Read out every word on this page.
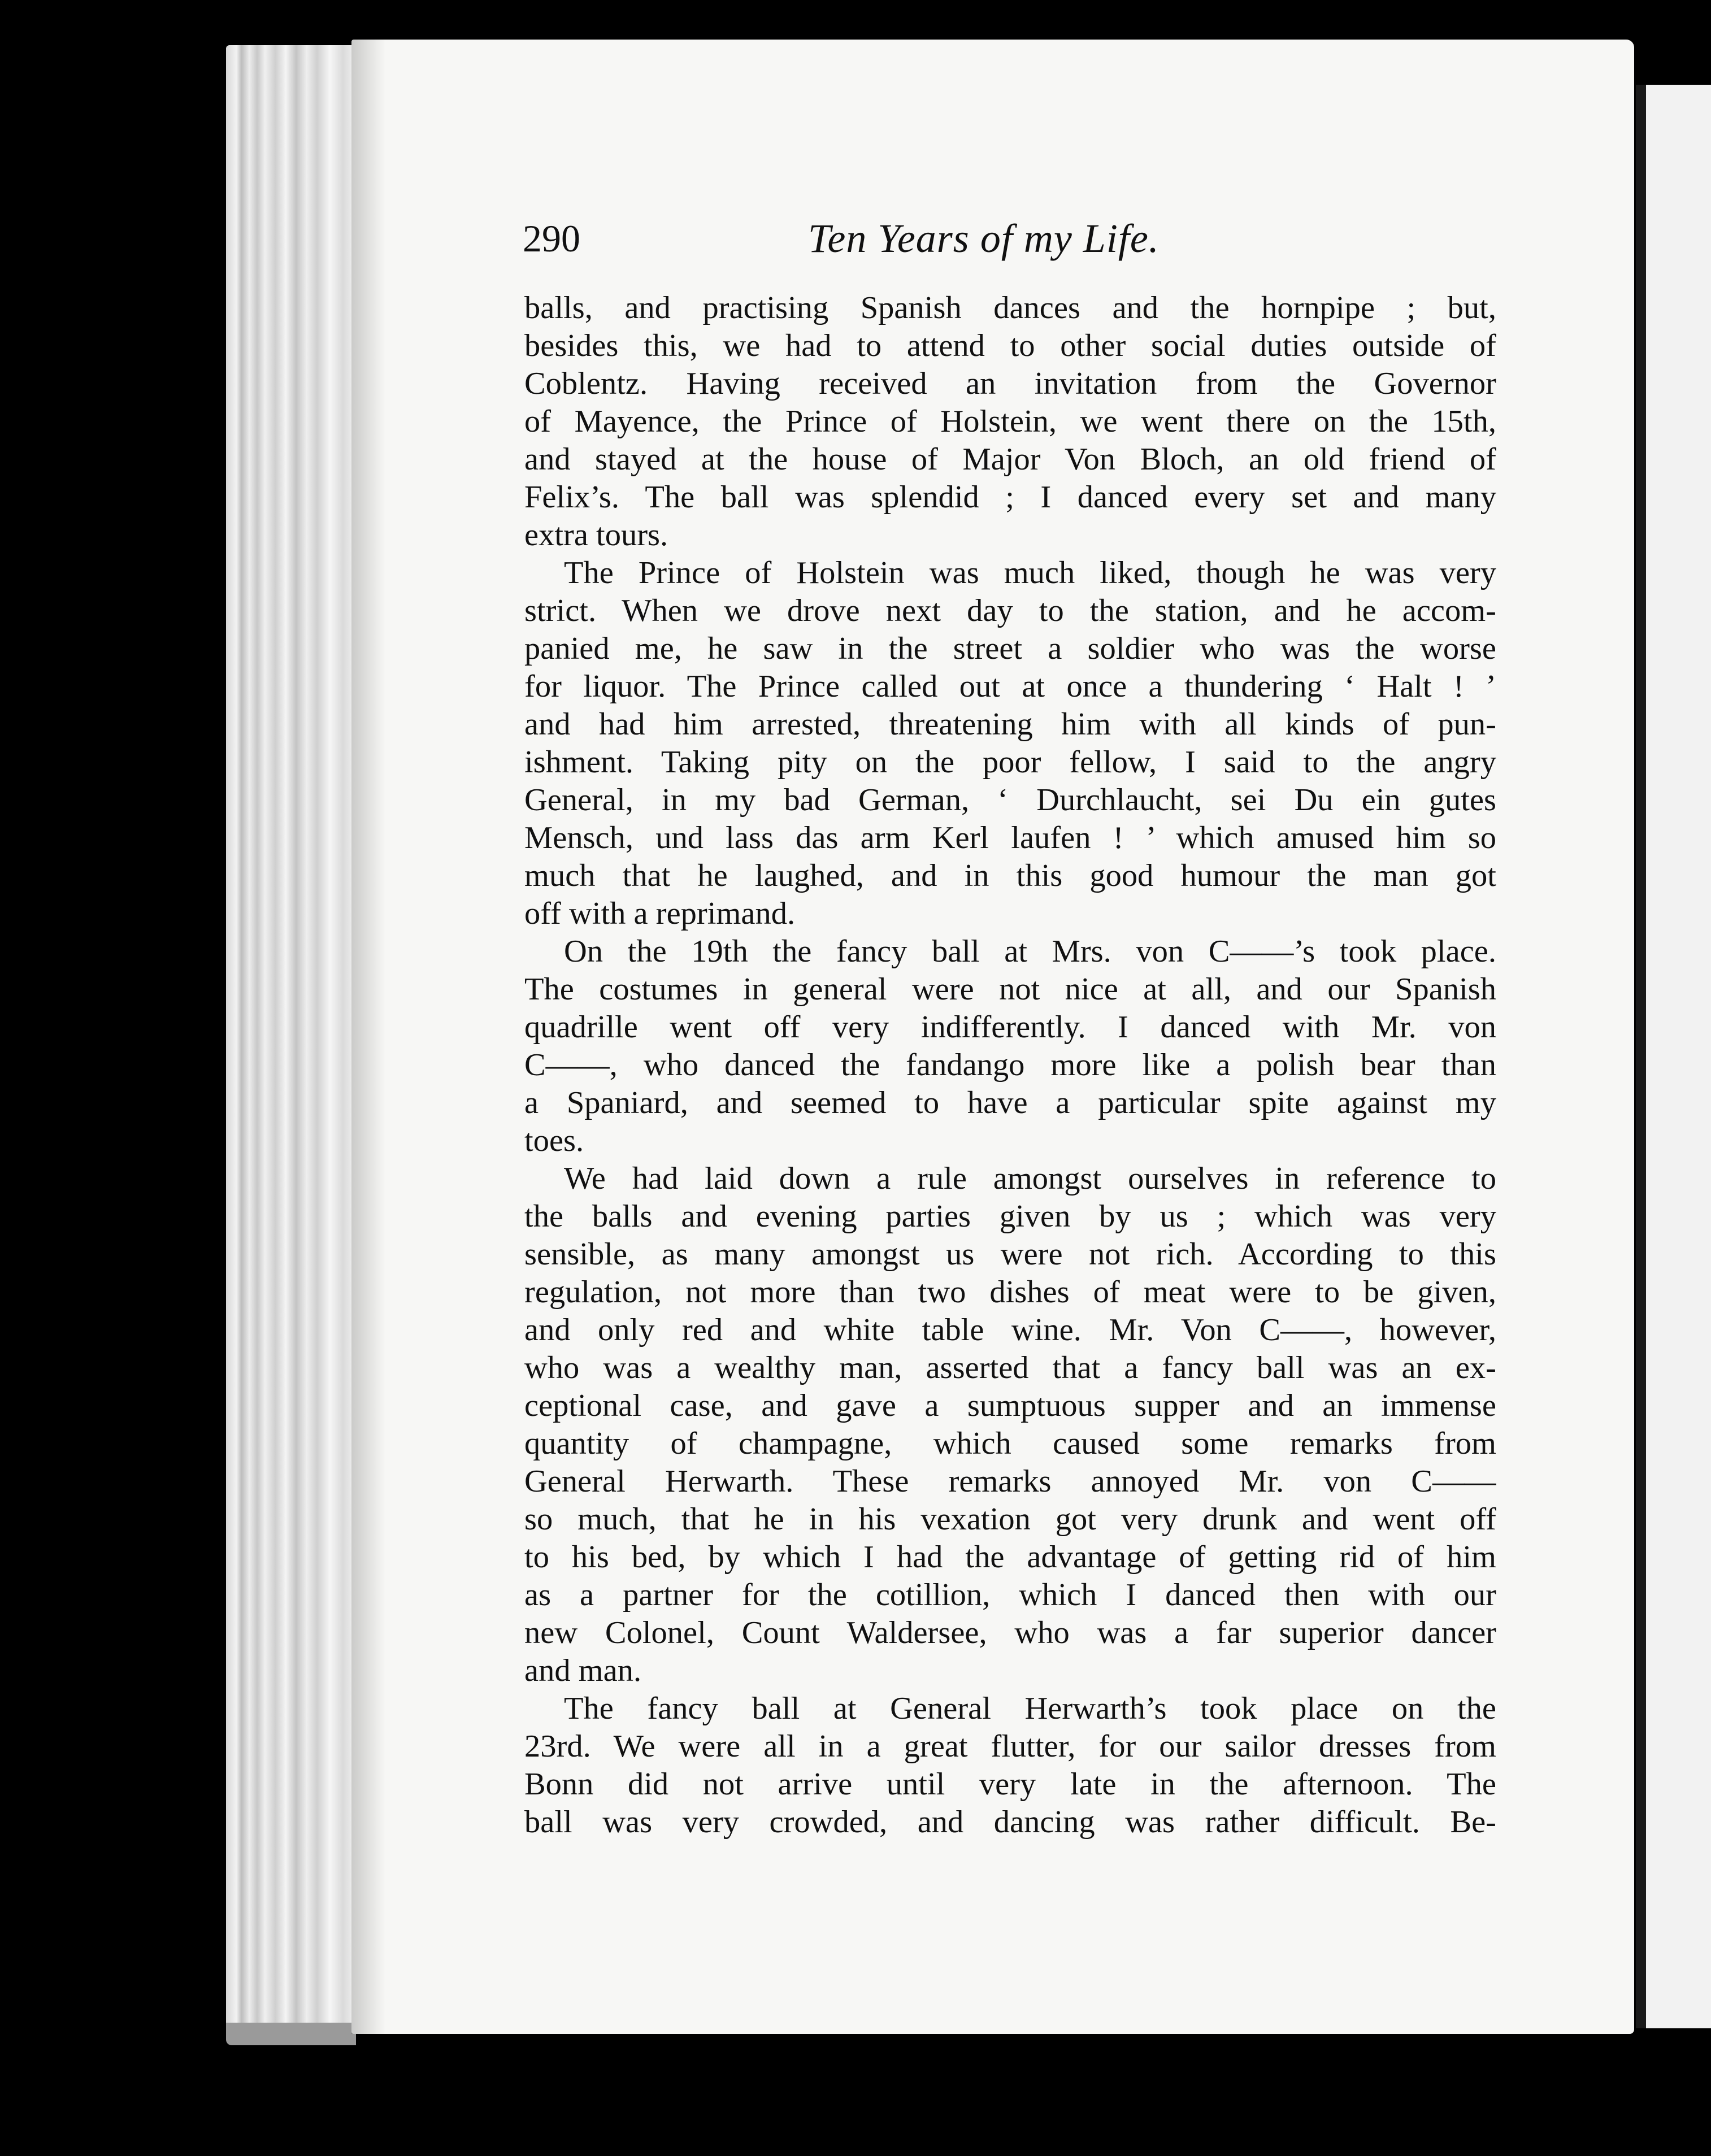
290	Ten Years of my Life.
balls, and practising Spanish dances and the hornpipe ; but,
besides this, we had to attend to other social duties outside of
Coblentz. Having received an invitation from the Governor
of Mayence, the Prince of Holstein, we went there on the 15th,
and stayed at the house of Major Von Bloch, an old friend of
Felix’s. The ball was splendid ; I danced every set and many
extra tours.
The Prince of Holstein was much liked, though he was very
strict. When we drove next day to the station, and he accom-
panied me, he saw in the street a soldier who was the worse
for liquor. The Prince called out at once a thundering ‘ Halt ! ’
and had him arrested, threatening him with all kinds of pun-
ishment. Taking pity on the poor fellow, I said to the angry
General, in my bad German, ‘ Durchlaucht, sei Du ein gutes
Mensch, und lass das arm Kerl laufen ! ’ which amused him so
much that he laughed, and in this good humour the man got
off with a reprimand.
On the 19th the fancy ball at Mrs. von C——’s took place.
The costumes in general were not nice at all, and our Spanish
quadrille went off very indifferently. I danced with Mr. von
C——, who danced the fandango more like a polish bear than
a Spaniard, and seemed to have a particular spite against my
toes.
We had laid down a rule amongst ourselves in reference to
the balls and evening parties given by us ; which was very
sensible, as many amongst us were not rich. According to this
regulation, not more than two dishes of meat were to be given,
and only red and white table wine. Mr. Von C——, however,
who was a wealthy man, asserted that a fancy ball was an ex-
ceptional case, and gave a sumptuous supper and an immense
quantity of champagne, which caused some remarks from
General Herwarth. These remarks annoyed Mr. von C——
so much, that he in his vexation got very drunk and went off
to his bed, by which I had the advantage of getting rid of him
as a partner for the cotillion, which I danced then with our
new Colonel, Count Waldersee, who was a far superior dancer
and man.
The fancy ball at General Herwarth’s took place on the
23rd. We were all in a great flutter, for our sailor dresses from
Bonn did not arrive until very late in the afternoon. The
ball was very crowded, and dancing was rather difficult. Be-
